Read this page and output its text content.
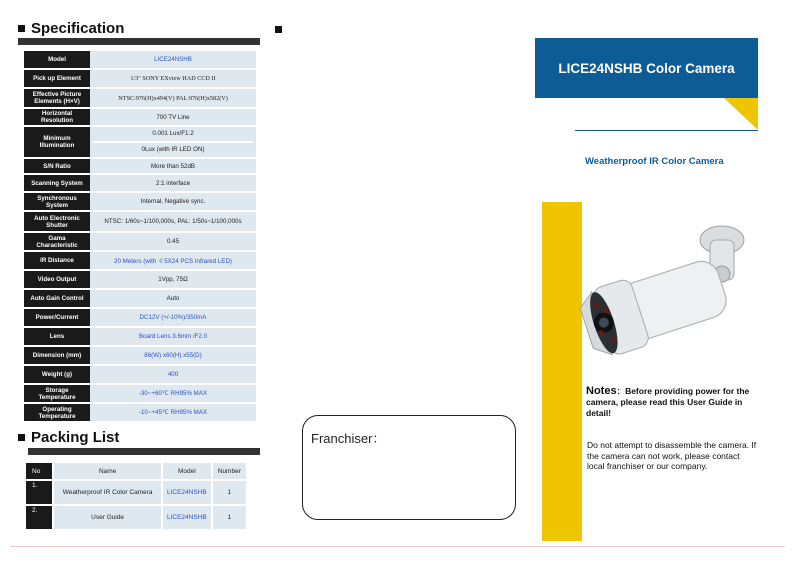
Specification
Model	LICE24NSHB
Pick up Element	1/3" SONY EXview HAD CCD II
Effective Picture Elements (H×V)	NTSC:976(H)x494(V) PAL:976(H)x582(V)
Horizontal Resolution	700 TV Line
Minimum Illumination	0.001 Lux/F1.2
0Lux (with IR LED ON)

S/N Ratio	More than 52dB
Scanning System	2:1 interface
Synchronous System	Internal, Negative sync.
Auto Electronic Shutter	NTSC: 1/60s~1/100,000s, PAL: 1/50s~1/100,000s
Gama Characteristic	0.45
IR Distance	20 Meters (with ￠5X24 PCS Infrared LED)
Video Output	1Vpp, 75Ω
Auto Gain Control	Auto
Power/Current	DC12V (+/-10%)/350mA
Lens	Board Lens 3.6mm /F2.0
Dimension (mm)	86(W) x60(H) x55(D)
Weight (g)	400
Storage Temperature	-30~+60℃ RH95% MAX
Operating Temperature	-10~+45℃ RH95% MAX
Packing List
No	Name	Model	Number
1.	Weatherproof IR Color Camera	LICE24NSHB	1
2.	User Guide	LICE24NSHB	1
Franchiser：
LICE24NSHB Color Camera
Weatherproof IR Color Camera
Notes：Before providing power for the camera, please read this User Guide in detail!
Do not attempt to disassemble the camera. If the camera can not work, please contact local franchiser or our company.
